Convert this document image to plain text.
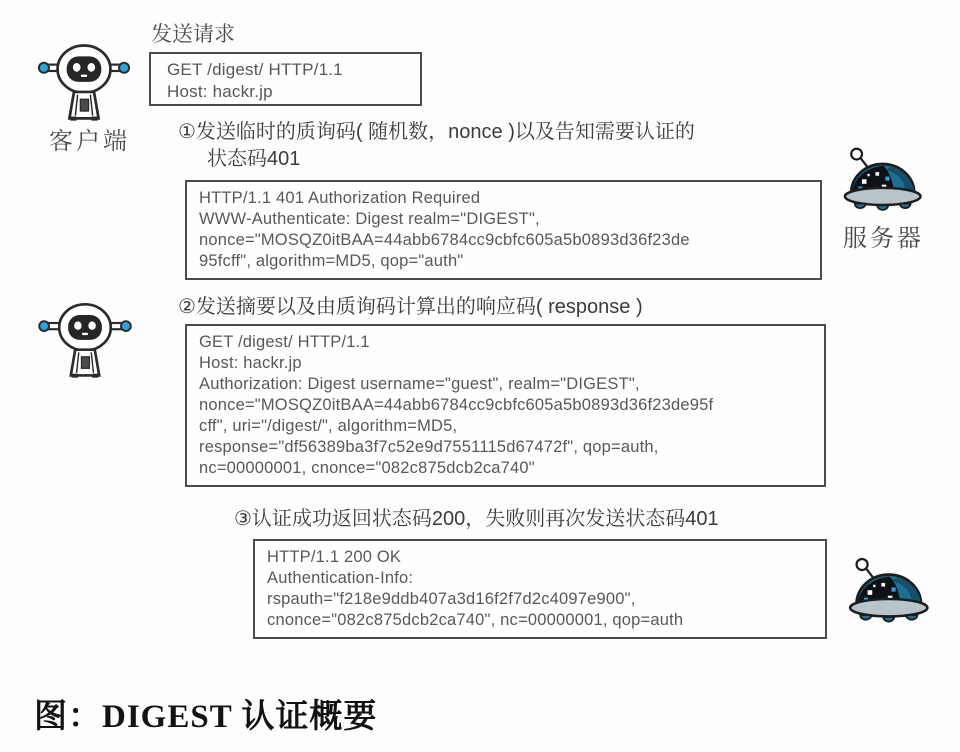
客户端
发送请求
GET /digest/ HTTP/1.1
Host: hackr.jp
①发送临时的质询码( 随机数，nonce )以及告知需要认证的
状态码401
HTTP/1.1 401 Authorization Required
WWW-Authenticate: Digest realm="DIGEST",
nonce="MOSQZ0itBAA=44abb6784cc9cbfc605a5b0893d36f23de
95fcff", algorithm=MD5, qop="auth"
服务器
②发送摘要以及由质询码计算出的响应码( response )
GET /digest/ HTTP/1.1
Host: hackr.jp
Authorization: Digest username="guest", realm="DIGEST",
nonce="MOSQZ0itBAA=44abb6784cc9cbfc605a5b0893d36f23de95f
cff", uri="/digest/", algorithm=MD5,
response="df56389ba3f7c52e9d7551115d67472f", qop=auth,
nc=00000001, cnonce="082c875dcb2ca740"
③认证成功返回状态码200，失败则再次发送状态码401
HTTP/1.1 200 OK
Authentication-Info:
rspauth="f218e9ddb407a3d16f2f7d2c4097e900",
cnonce="082c875dcb2ca740", nc=00000001, qop=auth
图：DIGEST 认证概要
